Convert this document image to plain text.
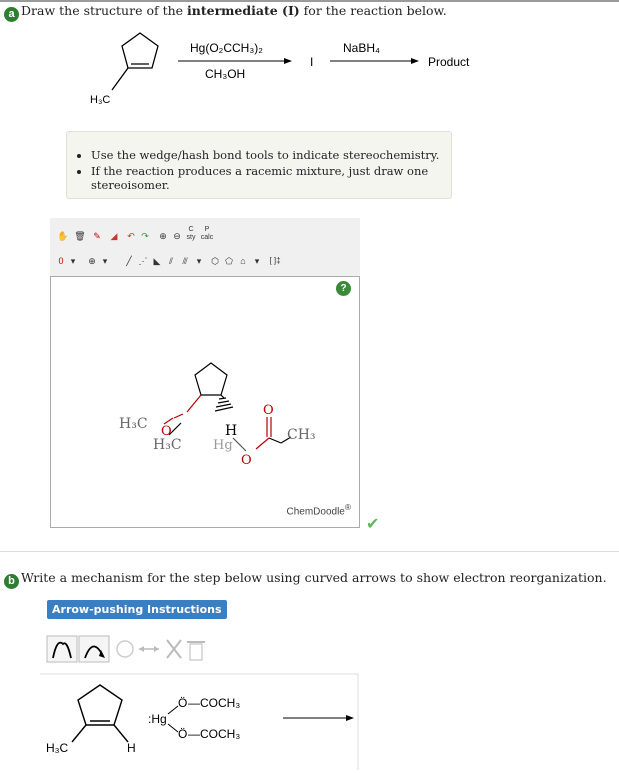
a Draw the structure of the intermediate (I) for the reaction below.
H₃C
Hg(O₂CCH₃)₂
CH₃OH
I
NaBH₄
Product
• Use the wedge/hash bond tools to indicate stereochemistry.
• If the reaction produces a racemic mixture, just draw one stereoisomer.
✋ 🗑 ✎	◢	↶ ↷	⊕ ⊖
C
sty
P
calc
0 ▾	⊕ ▾	╱ ⋰ ◣ ⫽	⫻	▾	⬡ ⬠ ⌂	▾	[ ]‡
?
H₃C O
H₃C
H
Hg
O
O
CH₃
ChemDoodle®
✔
b Write a mechanism for the step below using curved arrows to show electron reorganization.
Arrow-pushing Instructions
H₃C	H
:Hg
Ö —COCH₃
Ö —COCH₃
